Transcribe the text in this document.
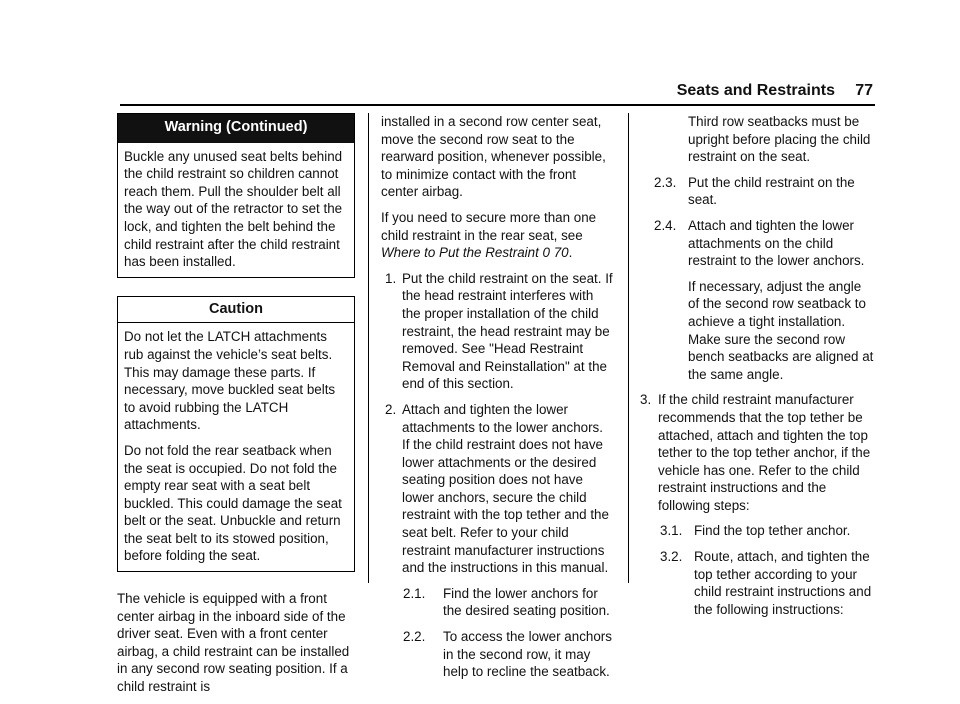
Seats and Restraints 77
Warning (Continued)

Buckle any unused seat belts behind the child restraint so children cannot reach them. Pull the shoulder belt all the way out of the retractor to set the lock, and tighten the belt behind the child restraint after the child restraint has been installed.

Caution

Do not let the LATCH attachments rub against the vehicle’s seat belts. This may damage these parts. If necessary, move buckled seat belts to avoid rubbing the LATCH attachments.

Do not fold the rear seatback when the seat is occupied. Do not fold the empty rear seat with a seat belt buckled. This could damage the seat belt or the seat. Unbuckle and return the seat belt to its stowed position, before folding the seat.

The vehicle is equipped with a front center airbag in the inboard side of the driver seat. Even with a front center airbag, a child restraint can be installed in any second row seating position. If a child restraint is

installed in a second row center seat, move the second row seat to the rearward position, whenever possible, to minimize contact with the front center airbag.

If you need to secure more than one child restraint in the rear seat, see Where to Put the Restraint 0 70.

1. Put the child restraint on the seat. If the head restraint interferes with the proper installation of the child restraint, the head restraint may be removed. See "Head Restraint Removal and Reinstallation" at the end of this section.
2. Attach and tighten the lower attachments to the lower anchors. If the child restraint does not have lower attachments or the desired seating position does not have lower anchors, secure the child restraint with the top tether and the seat belt. Refer to your child restraint manufacturer instructions and the instructions in this manual.
2.1.	Find the lower anchors for the desired seating position.
2.2.	To access the lower anchors in the second row, it may help to recline the seatback.

Third row seatbacks must be upright before placing the child restraint on the seat.

2.3. Put the child restraint on the seat.
2.4. Attach and tighten the lower attachments on the child restraint to the lower anchors.

If necessary, adjust the angle of the second row seatback to achieve a tight installation. Make sure the second row bench seatbacks are aligned at the same angle.

3. If the child restraint manufacturer recommends that the top tether be attached, attach and tighten the top tether to the top tether anchor, if the vehicle has one. Refer to the child restraint instructions and the following steps:
3.1. Find the top tether anchor.
3.2. Route, attach, and tighten the top tether according to your child restraint instructions and the following instructions:
